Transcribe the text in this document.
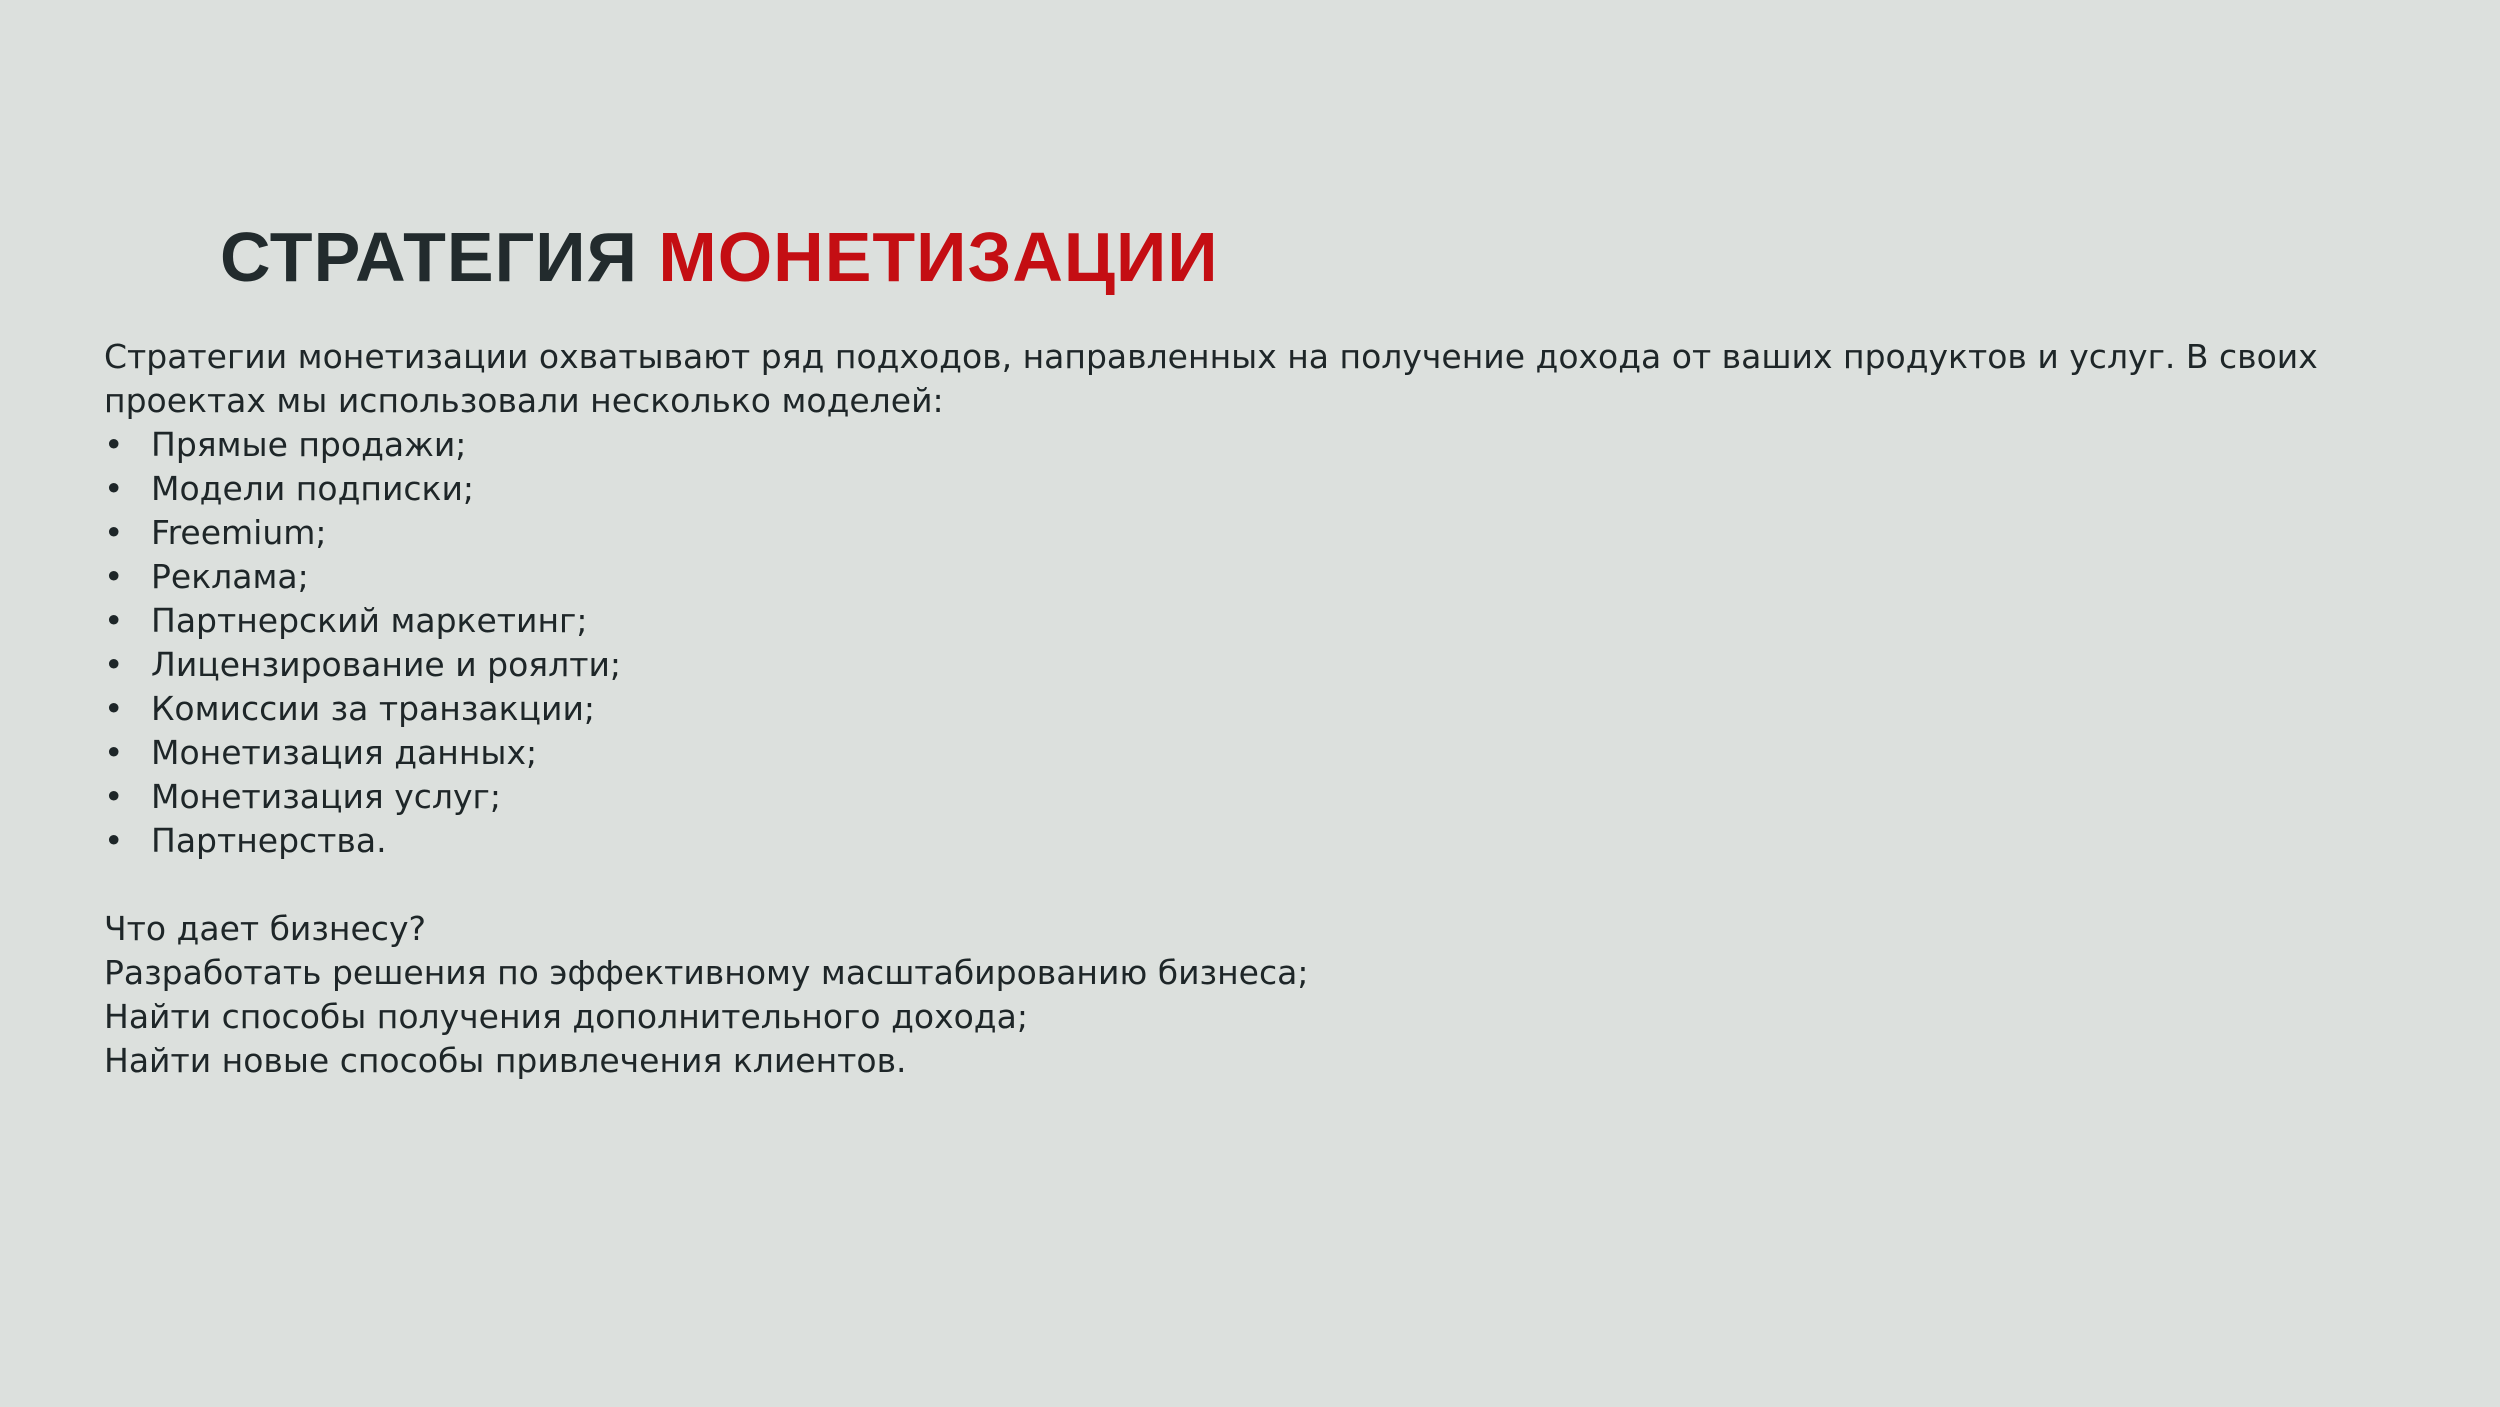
СТРАТЕГИЯ МОНЕТИЗАЦИИ

Стратегии монетизации охватывают ряд подходов, направленных на получение дохода от ваших продуктов и услуг. В своих проектах мы использовали несколько моделей:

• Прямые продажи;
• Модели подписки;
• Freemium;
• Реклама;
• Партнерский маркетинг;
• Лицензирование и роялти;
• Комиссии за транзакции;
• Монетизация данных;
• Монетизация услуг;
• Партнерства.

Что дает бизнесу?

Разработать решения по эффективному масштабированию бизнеса;

Найти способы получения дополнительного дохода;

Найти новые способы привлечения клиентов.
